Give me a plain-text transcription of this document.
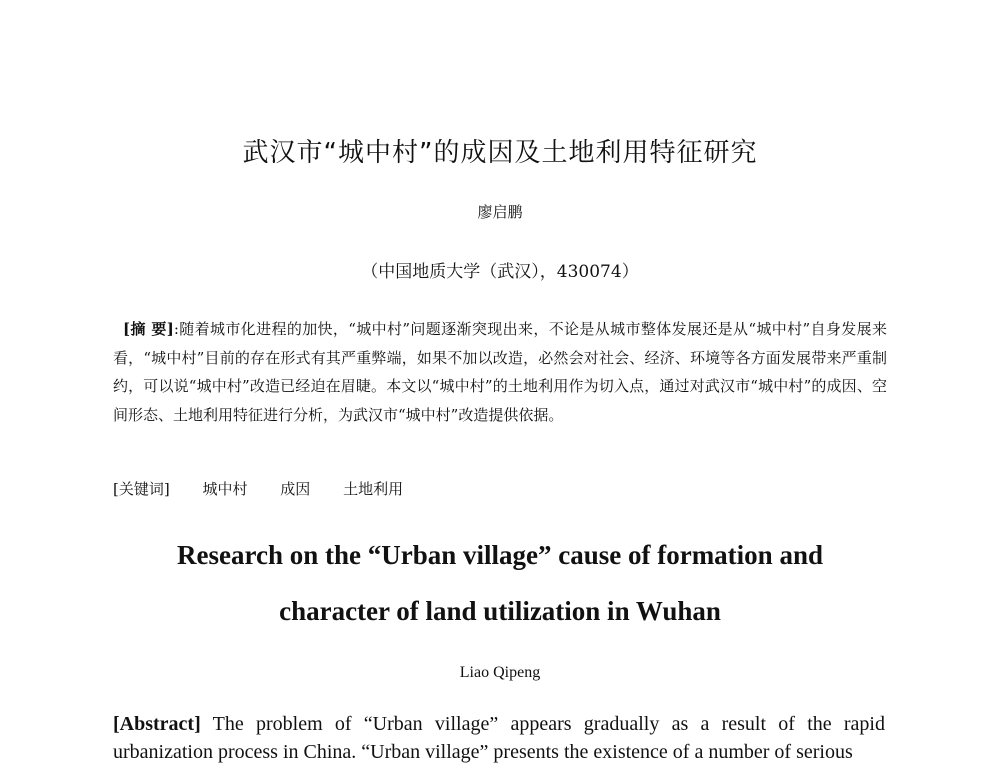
武汉市“城中村”的成因及土地利用特征研究
廖启鹏
（中国地质大学（武汉），430074）
[摘 要]:随着城市化进程的加快，“城中村”问题逐渐突现出来，不论是从城市整体发展还是从“城中村”自身发展来看，“城中村”目前的存在形式有其严重弊端，如果不加以改造，必然会对社会、经济、环境等各方面发展带来严重制约，可以说“城中村”改造已经迫在眉睫。本文以“城中村”的土地利用作为切入点，通过对武汉市“城中村”的成因、空间形态、土地利用特征进行分析，为武汉市“城中村”改造提供依据。
[关键词] 城中村 成因 土地利用
Research on the “Urban village” cause of formation and
character of land utilization in Wuhan
Liao Qipeng
[Abstract] The problem of “Urban village” appears gradually as a result of the rapid urbanization process in China. “Urban village” presents the existence of a number of serious
